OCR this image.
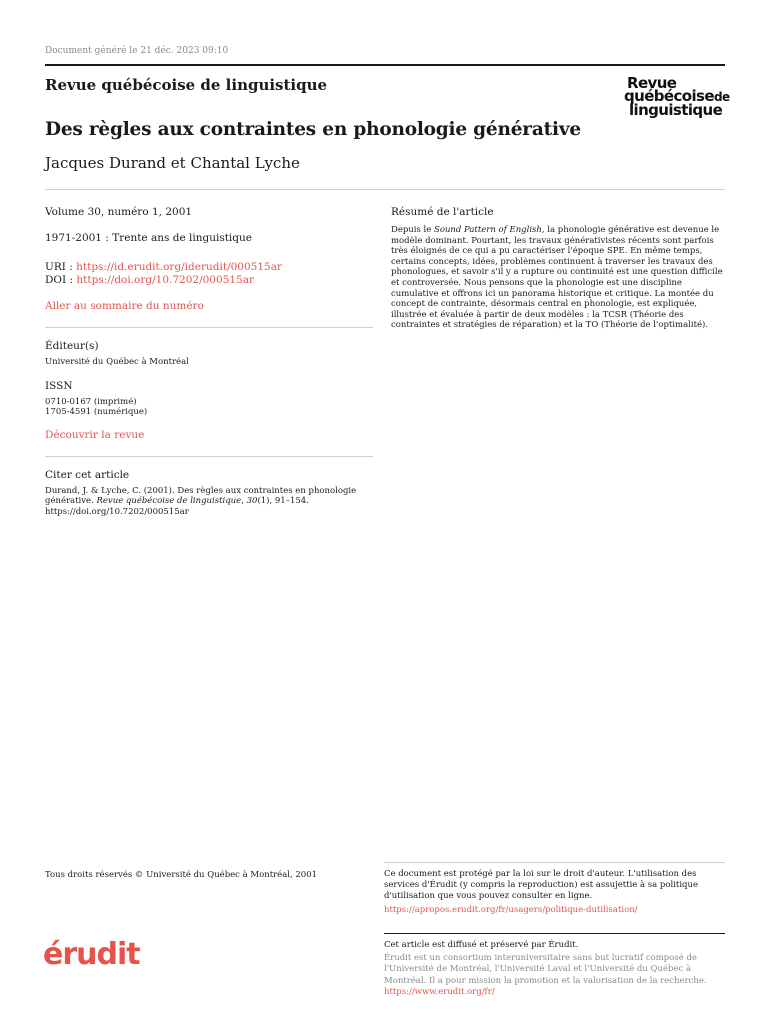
Document généré le 21 déc. 2023 09:10
Revue québécoise de linguistique	Revue
québécoisede
linguistique
Des règles aux contraintes en phonologie générative
Jacques Durand et Chantal Lyche

Volume 30, numéro 1, 2001

1971-2001 : Trente ans de linguistique

URI : https://id.erudit.org/iderudit/000515ar

DOI : https://doi.org/10.7202/000515ar

Aller au sommaire du numéro

Éditeur(s)

Université du Québec à Montréal

ISSN

0710-0167 (imprimé)

1705-4591 (numérique)

Découvrir la revue

Citer cet article

Durand, J. & Lyche, C. (2001). Des règles aux contraintes en phonologie générative. Revue québécoise de linguistique, 30(1), 91–154.
https://doi.org/10.7202/000515ar

Résumé de l'article

Depuis le Sound Pattern of English, la phonologie générative est devenue le modèle dominant. Pourtant, les travaux générativistes récents sont parfois très éloignés de ce qui a pu caractériser l'époque SPE. En même temps, certains concepts, idées, problèmes continuent à traverser les travaux des phonologues, et savoir s'il y a rupture ou continuité est une question difficile et controversée. Nous pensons que la phonologie est une discipline cumulative et offrons ici un panorama historique et critique. La montée du concept de contrainte, désormais central en phonologie, est expliquée, illustrée et évaluée à partir de deux modèles : la TCSR (Théorie des contraintes et stratégies de réparation) et la TO (Théorie de l'optimalité).

Tous droits réservés © Université du Québec à Montréal, 2001	Ce document est protégé par la loi sur le droit d'auteur. L'utilisation des services d'Érudit (y compris la reproduction) est assujettie à sa politique d'utilisation que vous pouvez consulter en ligne.
https://apropos.erudit.org/fr/usagers/politique-dutilisation/
érudit	Cet article est diffusé et préservé par Érudit.
Érudit est un consortium interuniversitaire sans but lucratif composé de l'Université de Montréal, l'Université Laval et l'Université du Québec à Montréal. Il a pour mission la promotion et la valorisation de la recherche.
https://www.erudit.org/fr/
